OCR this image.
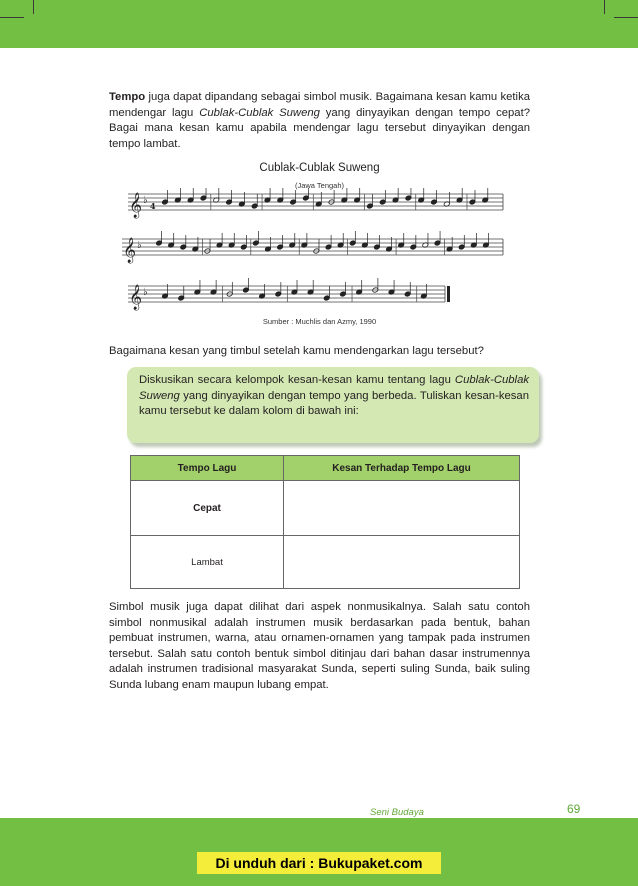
Tempo juga dapat dipandang sebagai simbol musik. Bagaimana kesan kamu ketika mendengar lagu Cublak-Cublak Suweng yang dinyayikan dengan tempo cepat? Bagai mana kesan kamu apabila mendengar lagu tersebut dinyayikan dengan tempo lambat.

Cublak-Cublak Suweng
(Jawa Tengah)
𝄞 ♭ 4
𝄞 ♭
𝄞 ♭
Sumber : Muchlis dan Azmy, 1990
Bagaimana kesan yang timbul setelah kamu mendengarkan lagu tersebut?
Diskusikan secara kelompok kesan-kesan kamu tentang lagu Cublak-Cublak Suweng yang dinyayikan dengan tempo yang berbeda. Tuliskan kesan-kesan kamu tersebut ke dalam kolom di bawah ini:
Tempo Lagu	Kesan Terhadap Tempo Lagu
Cepat	
Lambat	

Simbol musik juga dapat dilihat dari aspek nonmusikalnya. Salah satu contoh simbol nonmusikal adalah instrumen musik berdasarkan pada bentuk, bahan pembuat instrumen, warna, atau ornamen-ornamen yang tampak pada instrumen tersebut. Salah satu contoh bentuk simbol ditinjau dari bahan dasar instrumennya adalah instrumen tradisional masyarakat Sunda, seperti suling Sunda, baik suling Sunda lubang enam maupun lubang empat.

Seni Budaya	69
Di unduh dari : Bukupaket.com
